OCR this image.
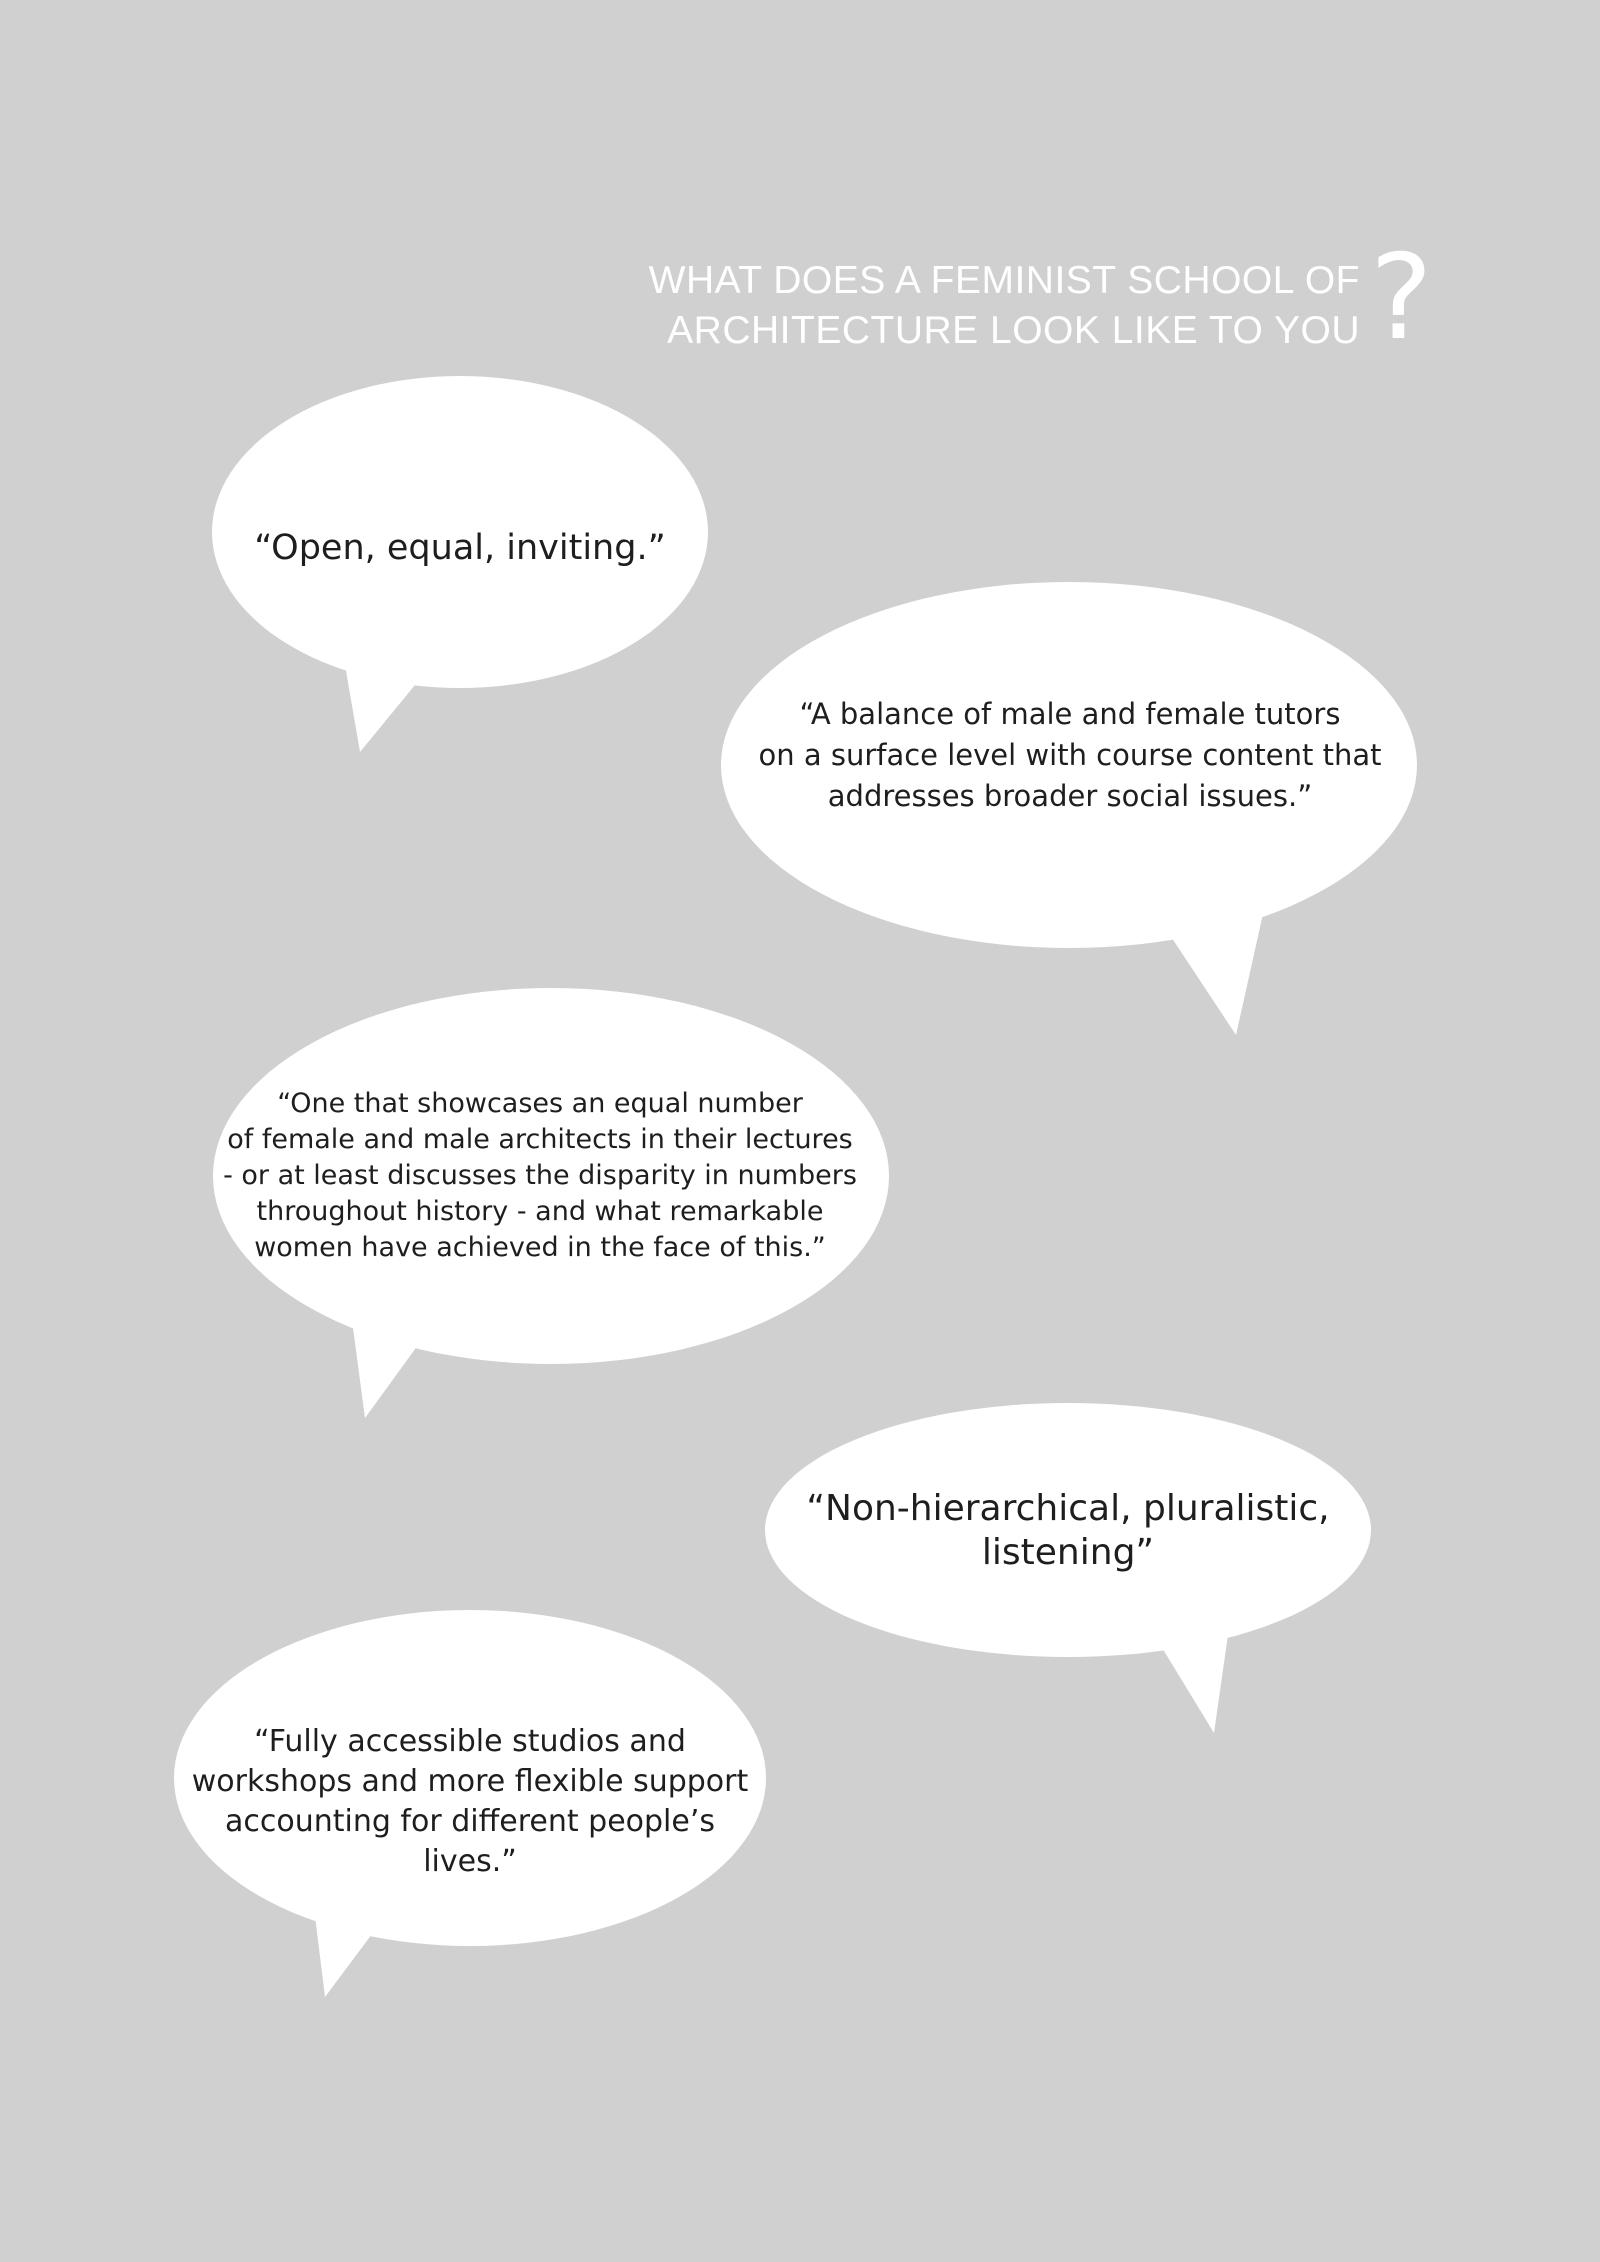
WHAT DOES A FEMINIST SCHOOL OF
ARCHITECTURE LOOK LIKE TO YOU ?
“Open, equal, inviting.”
“A balance of male and female tutors
on a surface level with course content that
addresses broader social issues.”
“One that showcases an equal number
of female and male architects in their lectures
- or at least discusses the disparity in numbers
throughout history - and what remarkable
women have achieved in the face of this.”
“Non-hierarchical, pluralistic,
listening”
“Fully accessible studios and
workshops and more flexible support
accounting for different people’s
lives.”
